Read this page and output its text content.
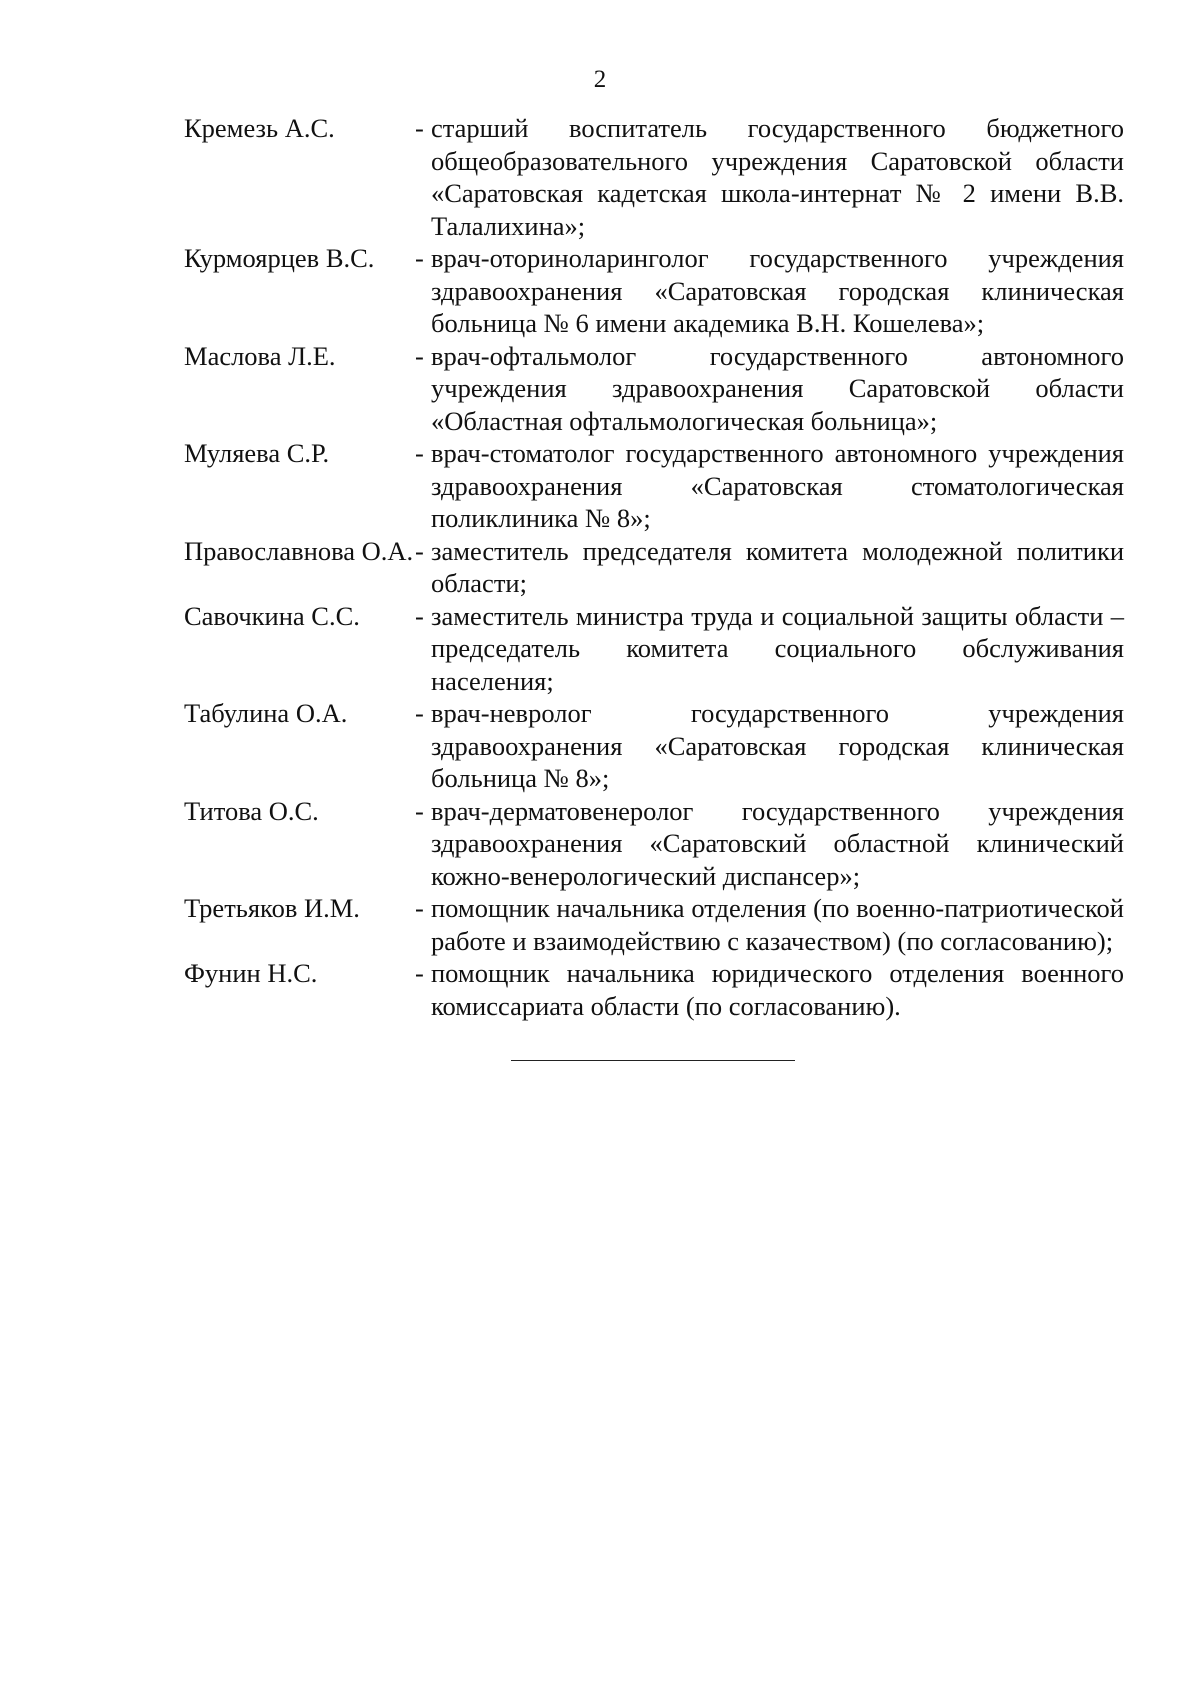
2
Кремезь А.С.	- старший воспитатель государственного бюджетного общеобразовательного учреждения Саратовской области «Саратовская кадетская школа-интернат № 2 имени В.В. Талалихина»;
Курмоярцев В.С.	- врач-оториноларинголог государственного учреждения здравоохранения «Саратовская городская клиническая больница № 6 имени академика В.Н. Кошелева»;
Маслова Л.Е.	- врач-офтальмолог государственного автономного учреждения здравоохранения Саратовской области «Областная офтальмологическая больница»;
Муляева С.Р.	- врач-стоматолог государственного автономного учреждения здравоохранения «Саратовская стоматологическая поликлиника № 8»;
Православнова О.А. - заместитель председателя комитета молодежной политики области;
Савочкина С.С.	- заместитель министра труда и социальной защиты области – председатель комитета социального обслуживания населения;
Табулина О.А.	- врач-невролог государственного учреждения здравоохранения «Саратовская городская клиническая больница № 8»;
Титова О.С.	- врач-дерматовенеролог государственного учреждения здравоохранения «Саратовский областной клинический кожно-венерологический диспансер»;
Третьяков И.М.	- помощник начальника отделения (по военно-патриотической работе и взаимодействию с казачеством) (по согласованию);
Фунин Н.С.	- помощник начальника юридического отделения военного комиссариата области (по согласованию).
